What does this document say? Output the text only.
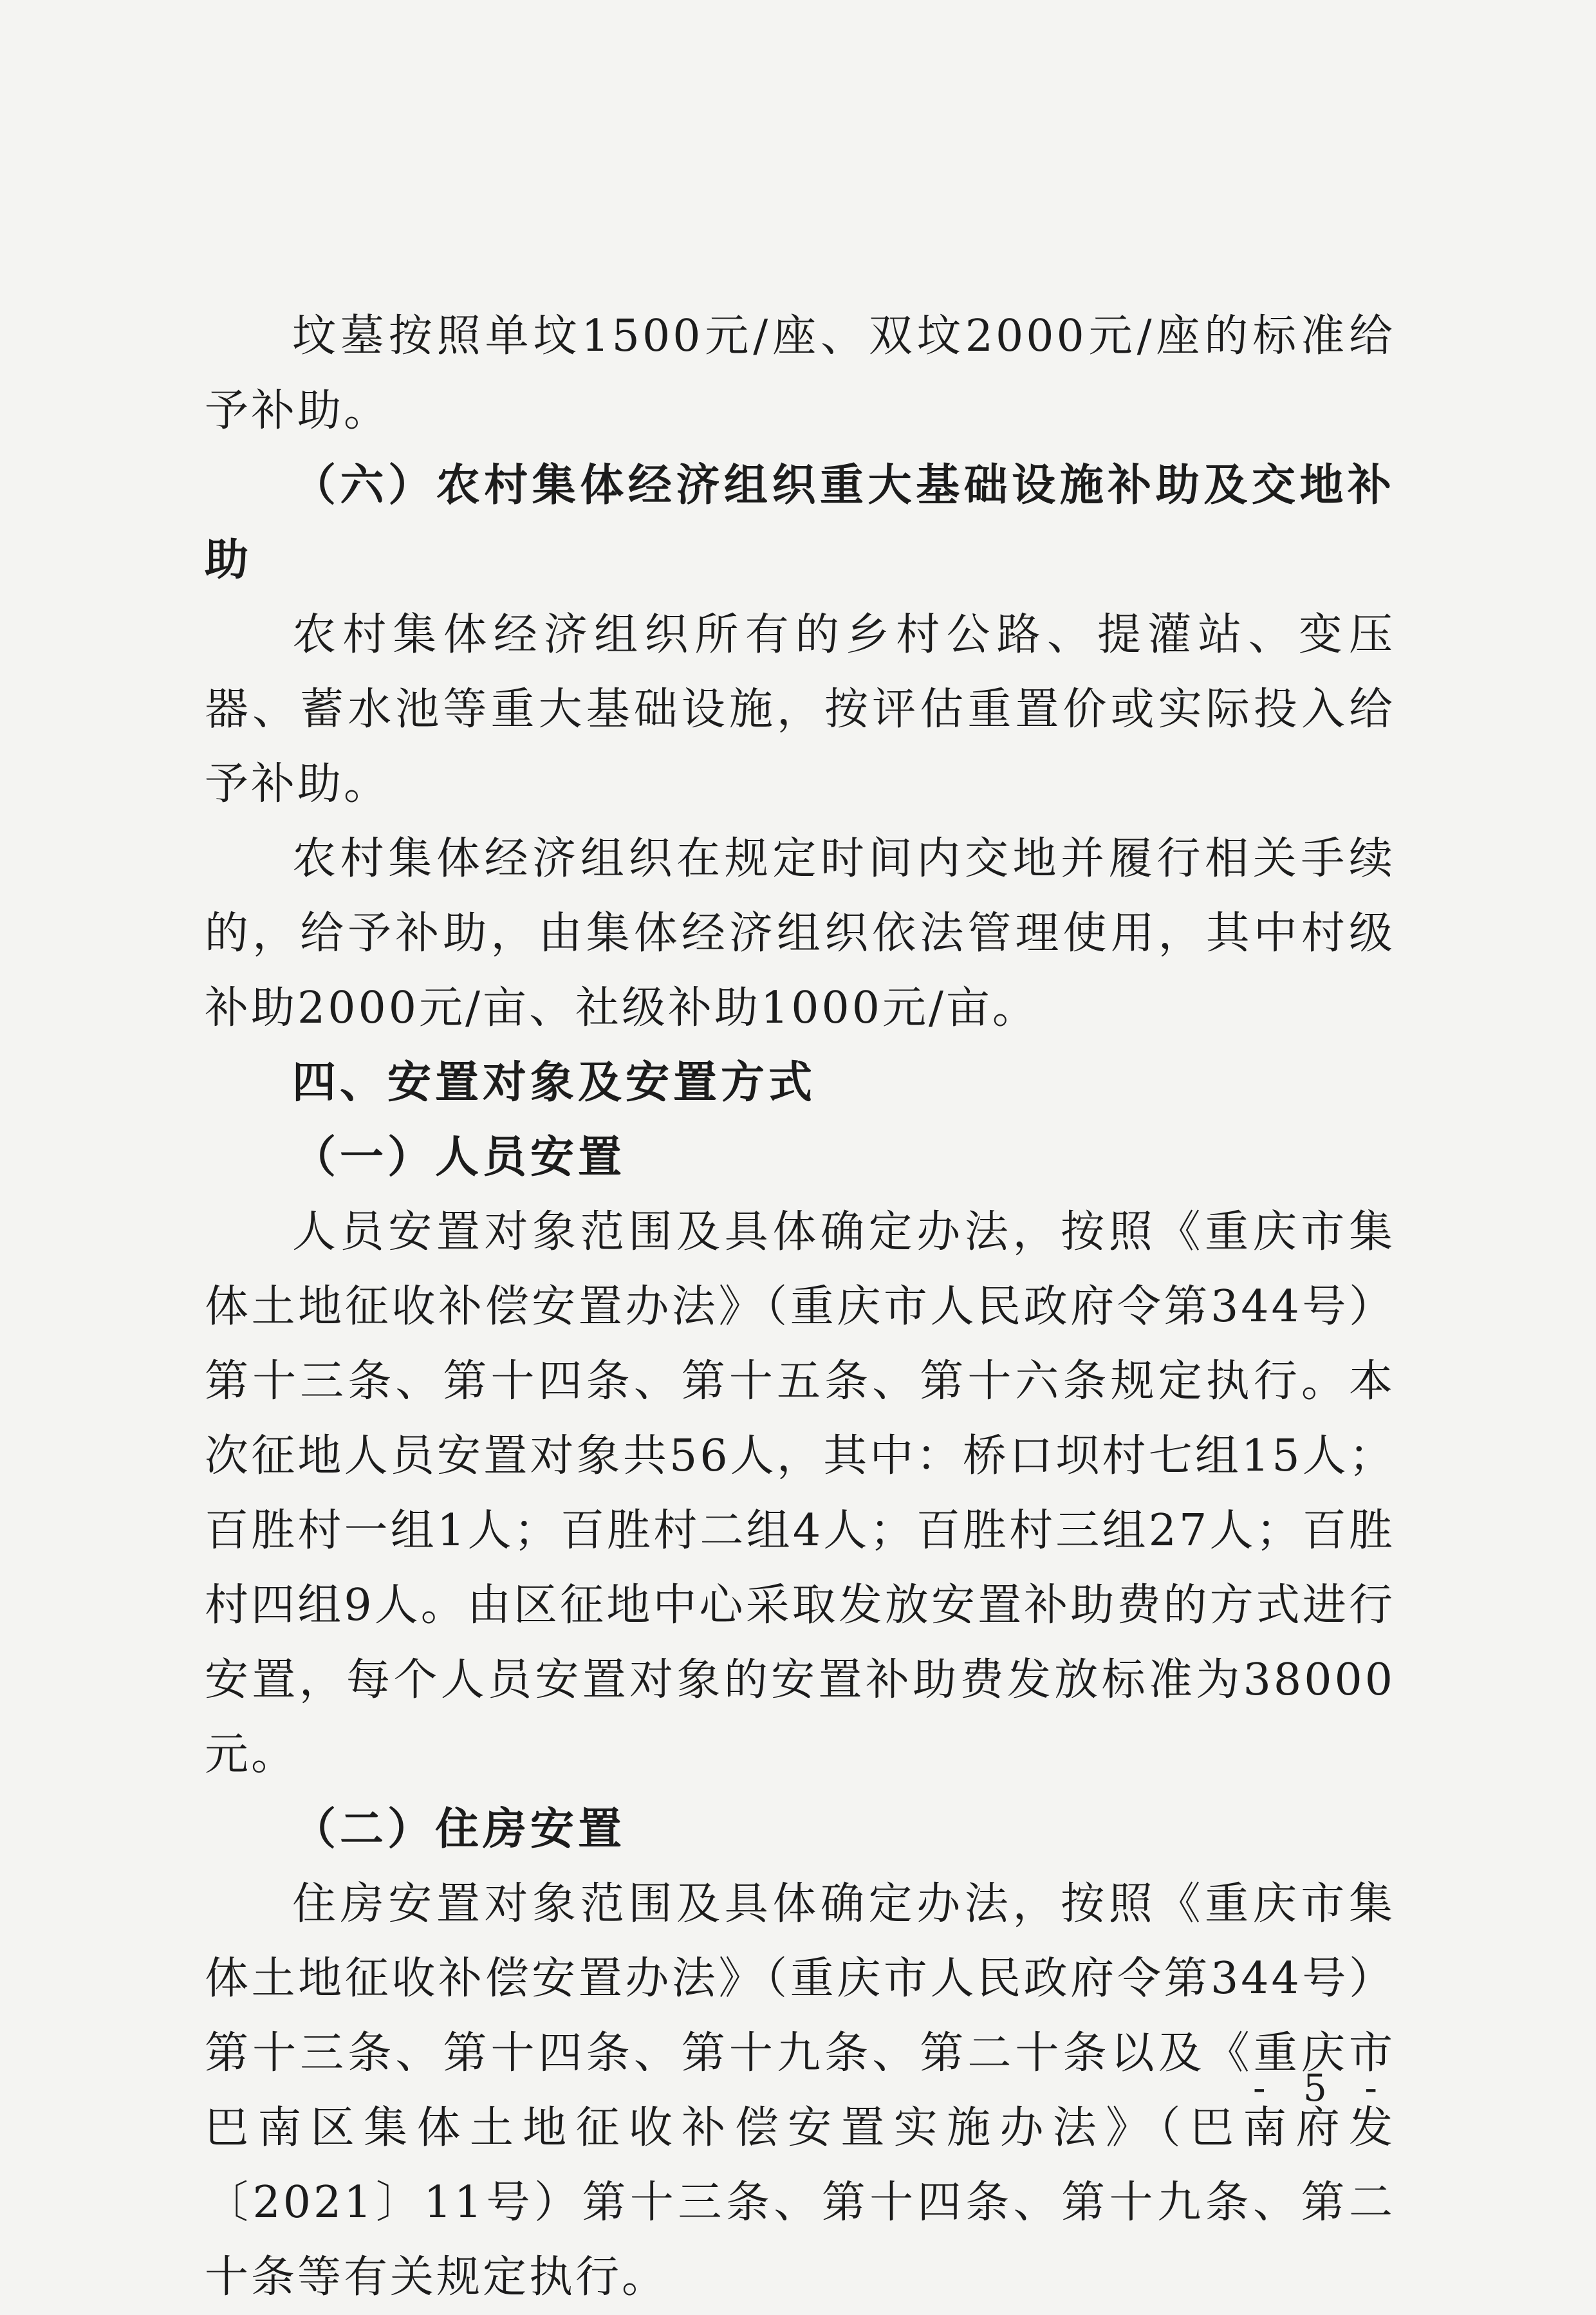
坟墓按照单坟1500元/座、双坟2000元/座的标准给予补助。

（六）农村集体经济组织重大基础设施补助及交地补助

农村集体经济组织所有的乡村公路、提灌站、变压器、蓄水池等重大基础设施，按评估重置价或实际投入给予补助。

农村集体经济组织在规定时间内交地并履行相关手续的，给予补助，由集体经济组织依法管理使用，其中村级补助2000元/亩、社级补助1000元/亩。

四、安置对象及安置方式

（一）人员安置

人员安置对象范围及具体确定办法，按照《重庆市集体土地征收补偿安置办法》（重庆市人民政府令第344号）第十三条、第十四条、第十五条、第十六条规定执行。本次征地人员安置对象共56人，其中：桥口坝村七组15人；百胜村一组1人；百胜村二组4人；百胜村三组27人；百胜村四组9人。由区征地中心采取发放安置补助费的方式进行安置，每个人员安置对象的安置补助费发放标准为38000元。

（二）住房安置

住房安置对象范围及具体确定办法，按照《重庆市集体土地征收补偿安置办法》（重庆市人民政府令第344号）第十三条、第十四条、第十九条、第二十条以及《重庆市巴南区集体土地征收补偿安置实施办法》（巴南府发〔2021〕11号）第十三条、第十四条、第十九条、第二十条等有关规定执行。

- 5 -
